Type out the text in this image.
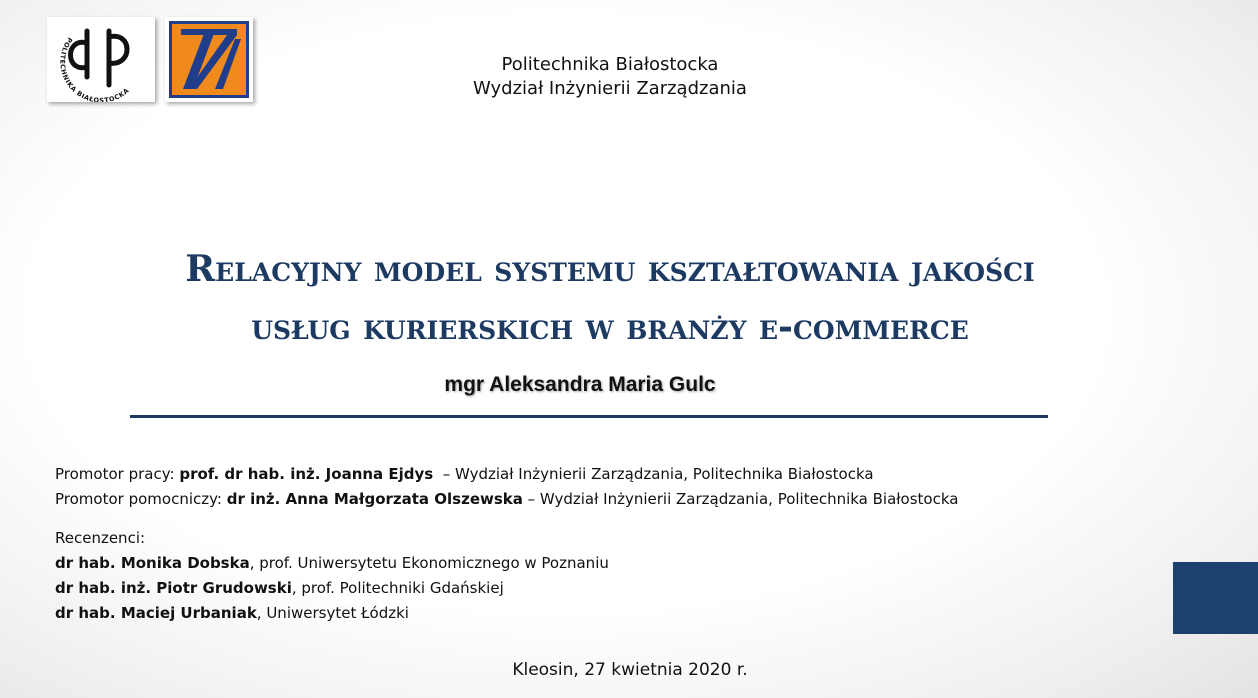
POLITECHNIKA BIAŁOSTOCKA
Politechnika Białostocka
Wydział Inżynierii Zarządzania
Relacyjny model systemu kształtowania jakości
usług kurierskich w branży e-commerce
mgr Aleksandra Maria Gulc
Promotor pracy: prof. dr hab. inż. Joanna Ejdys  – Wydział Inżynierii Zarządzania, Politechnika Białostocka
Promotor pomocniczy: dr inż. Anna Małgorzata Olszewska – Wydział Inżynierii Zarządzania, Politechnika Białostocka
Recenzenci:
dr hab. Monika Dobska, prof. Uniwersytetu Ekonomicznego w Poznaniu
dr hab. inż. Piotr Grudowski, prof. Politechniki Gdańskiej
dr hab. Maciej Urbaniak, Uniwersytet Łódzki
Kleosin, 27 kwietnia 2020 r.
